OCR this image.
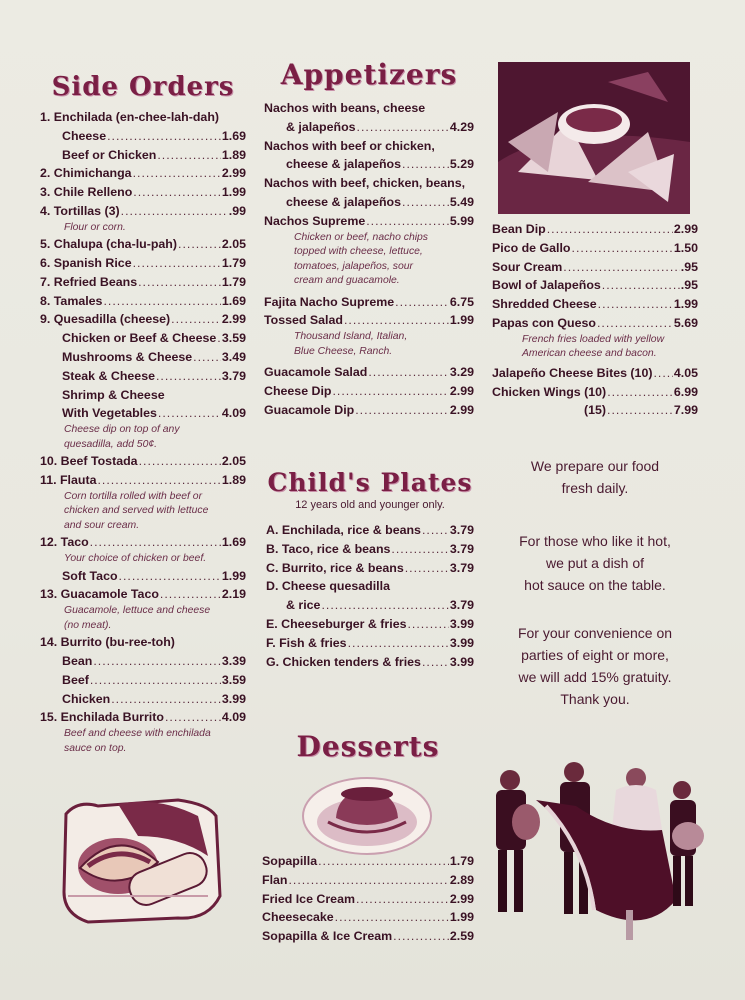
Side Orders
1. Enchilada (en-chee-lah-dah)
Cheese .....	1.69
Beef or Chicken .....	1.89
2. Chimichanga .....	2.99
3. Chile Relleno .....	1.99
4. Tortillas (3) .....	.99
Flour or corn.
5. Chalupa (cha-lu-pah) .....	2.05
6. Spanish Rice .....	1.79
7. Refried Beans .....	1.79
8. Tamales .....	1.69
9. Quesadilla (cheese) .....	2.99
Chicken or Beef & Cheese ..... 3.59
Mushrooms & Cheese ..... 3.49
Steak & Cheese .....	3.79
Shrimp & Cheese
With Vegetables .....	4.09
Cheese dip on top of any
quesadilla, add 50¢.
10. Beef Tostada .....	2.05
11. Flauta .....	1.89
Corn tortilla rolled with beef or
chicken and served with lettuce
and sour cream.
12. Taco .....	1.69
Your choice of chicken or beef.
Soft Taco .....	1.99
13. Guacamole Taco .....	2.19
Guacamole, lettuce and cheese
(no meat).
14. Burrito (bu-ree-toh)
Bean .....	3.39
Beef .....	3.59
Chicken .....	3.99
15. Enchilada Burrito .....	4.09
Beef and cheese with enchilada
sauce on top.
Appetizers
Nachos with beans, cheese
& jalapeños .....	4.29
Nachos with beef or chicken,
cheese & jalapeños .....	5.29
Nachos with beef, chicken, beans,
cheese & jalapeños .....	5.49
Nachos Supreme .....	5.99
Chicken or beef, nacho chips
topped with cheese, lettuce,
tomatoes, jalapeños, sour
cream and guacamole.
Fajita Nacho Supreme .....	6.75
Tossed Salad .....	1.99
Thousand Island, Italian,
Blue Cheese, Ranch.
Guacamole Salad .....	3.29
Cheese Dip .....	2.99
Guacamole Dip .....	2.99
Child's Plates
12 years old and younger only.
A. Enchilada, rice & beans ..... 3.79
B. Taco, rice & beans .....	3.79
C. Burrito, rice & beans .....	3.79
D. Cheese quesadilla
& rice .....	3.79
E. Cheeseburger & fries .....	3.99
F. Fish & fries .....	3.99
G. Chicken tenders & fries ..... 3.99
Desserts
Sopapilla .....	1.79
Flan .....	2.89
Fried Ice Cream .....	2.99
Cheesecake .....	1.99
Sopapilla & Ice Cream .....	2.59
Bean Dip .....	2.99
Pico de Gallo .....	1.50
Sour Cream .....	.95
Bowl of Jalapeños .....	.95
Shredded Cheese .....	1.99
Papas con Queso .....	5.69
French fries loaded with yellow
American cheese and bacon.
Jalapeño Cheese Bites (10) ..... 4.05
Chicken Wings (10) .....	6.99
(15) .....	7.99
We prepare our food
fresh daily.
For those who like it hot,
we put a dish of
hot sauce on the table.
For your convenience on
parties of eight or more,
we will add 15% gratuity.
Thank you.
